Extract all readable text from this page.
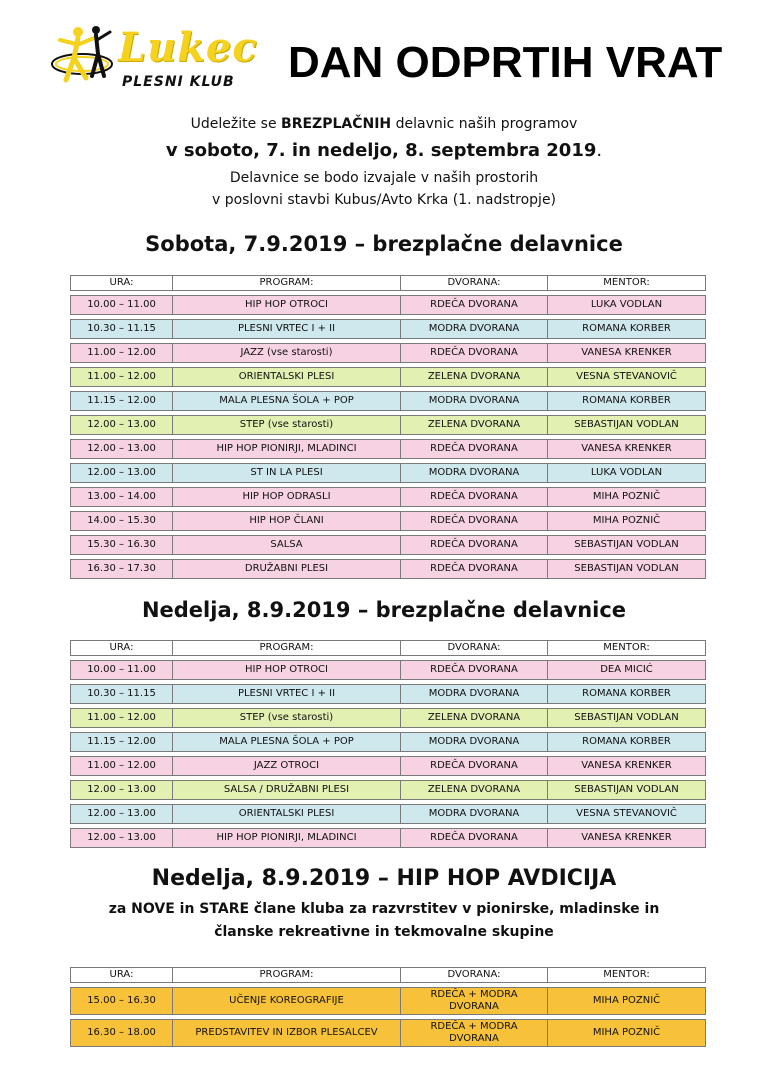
Lukec
PLESNI KLUB DAN ODPRTIH VRAT
Udeležite se BREZPLAČNIH delavnic naših programov
v soboto, 7. in nedeljo, 8. septembra 2019.
Delavnice se bodo izvajale v naših prostorih
v poslovni stavbi Kubus/Avto Krka (1. nadstropje)
Sobota, 7.9.2019 – brezplačne delavnice
URA:	PROGRAM:	DVORANA:	MENTOR:

10.00 – 11.00	HIP HOP OTROCI	RDEČA DVORANA	LUKA VODLAN

10.30 – 11.15	PLESNI VRTEC I + II	MODRA DVORANA	ROMANA KORBER

11.00 – 12.00	JAZZ (vse starosti)	RDEČA DVORANA	VANESA KRENKER

11.00 – 12.00	ORIENTALSKI PLESI	ZELENA DVORANA	VESNA STEVANOVIČ

11.15 – 12.00	MALA PLESNA ŠOLA + POP	MODRA DVORANA	ROMANA KORBER

12.00 – 13.00	STEP (vse starosti)	ZELENA DVORANA	SEBASTIJAN VODLAN

12.00 – 13.00	HIP HOP PIONIRJI, MLADINCI	RDEČA DVORANA	VANESA KRENKER

12.00 – 13.00	ST IN LA PLESI	MODRA DVORANA	LUKA VODLAN

13.00 – 14.00	HIP HOP ODRASLI	RDEČA DVORANA	MIHA POZNIČ

14.00 – 15.30	HIP HOP ČLANI	RDEČA DVORANA	MIHA POZNIČ

15.30 – 16.30	SALSA	RDEČA DVORANA	SEBASTIJAN VODLAN

16.30 – 17.30	DRUŽABNI PLESI	RDEČA DVORANA	SEBASTIJAN VODLAN
Nedelja, 8.9.2019 – brezplačne delavnice
URA:	PROGRAM:	DVORANA:	MENTOR:

10.00 – 11.00	HIP HOP OTROCI	RDEČA DVORANA	DEA MICIĆ

10.30 – 11.15	PLESNI VRTEC I + II	MODRA DVORANA	ROMANA KORBER

11.00 – 12.00	STEP (vse starosti)	ZELENA DVORANA	SEBASTIJAN VODLAN

11.15 – 12.00	MALA PLESNA ŠOLA + POP	MODRA DVORANA	ROMANA KORBER

11.00 – 12.00	JAZZ OTROCI	RDEČA DVORANA	VANESA KRENKER

12.00 – 13.00	SALSA / DRUŽABNI PLESI	ZELENA DVORANA	SEBASTIJAN VODLAN

12.00 – 13.00	ORIENTALSKI PLESI	MODRA DVORANA	VESNA STEVANOVIČ

12.00 – 13.00	HIP HOP PIONIRJI, MLADINCI	RDEČA DVORANA	VANESA KRENKER
Nedelja, 8.9.2019 – HIP HOP AVDICIJA
za NOVE in STARE člane kluba za razvrstitev v pionirske, mladinske in
članske rekreativne in tekmovalne skupine
URA:	PROGRAM:	DVORANA:	MENTOR:

15.00 – 16.30	UČENJE KOREOGRAFIJE	RDEČA + MODRA
DVORANA	MIHA POZNIČ

16.30 – 18.00	PREDSTAVITEV IN IZBOR PLESALCEV	RDEČA + MODRA
DVORANA	MIHA POZNIČ
